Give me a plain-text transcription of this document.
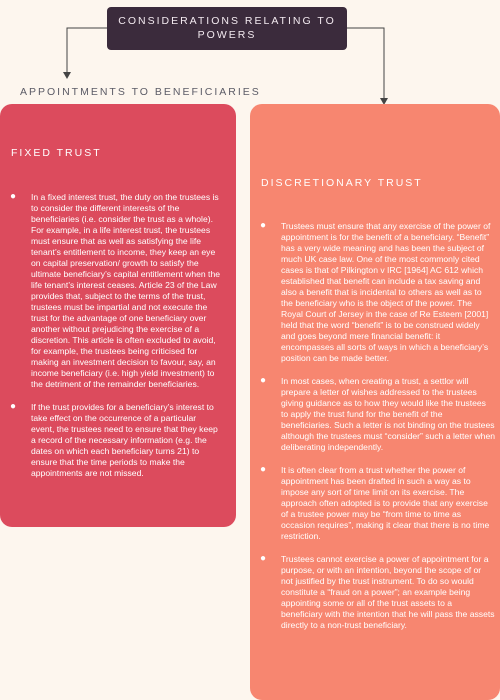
CONSIDERATIONS RELATING TO POWERS
APPOINTMENTS TO BENEFICIARIES
FIXED TRUST
● In a fixed interest trust, the duty on the trustees is to consider the different interests of the beneficiaries (i.e. consider the trust as a whole). For example, in a life interest trust, the trustees must ensure that as well as satisfying the life tenant’s entitlement to income, they keep an eye on capital preservation/ growth to satisfy the ultimate beneficiary’s capital entitlement when the life tenant’s interest ceases. Article 23 of the Law provides that, subject to the terms of the trust, trustees must be impartial and not execute the trust for the advantage of one beneficiary over another without prejudicing the exercise of a discretion. This article is often excluded to avoid, for example, the trustees being criticised for making an investment decision to favour, say, an income beneficiary (i.e. high yield investment) to the detriment of the remainder beneficiaries.
● If the trust provides for a beneficiary’s interest to take effect on the occurrence of a particular event, the trustees need to ensure that they keep a record of the necessary information (e.g. the dates on which each beneficiary turns 21) to ensure that the time periods to make the appointments are not missed.
DISCRETIONARY TRUST
● Trustees must ensure that any exercise of the power of appointment is for the benefit of a beneficiary. “Benefit” has a very wide meaning and has been the subject of much UK case law. One of the most commonly cited cases is that of Pilkington v IRC [1964] AC 612 which established that benefit can include a tax saving and also a benefit that is incidental to others as well as to the beneficiary who is the object of the power. The Royal Court of Jersey in the case of Re Esteem [2001] held that the word “benefit” is to be construed widely and goes beyond mere financial benefit: it encompasses all sorts of ways in which a beneficiary’s position can be made better.
● In most cases, when creating a trust, a settlor will prepare a letter of wishes addressed to the trustees giving guidance as to how they would like the trustees to apply the trust fund for the benefit of the beneficiaries. Such a letter is not binding on the trustees although the trustees must “consider” such a letter when deliberating independently.
● It is often clear from a trust whether the power of appointment has been drafted in such a way as to impose any sort of time limit on its exercise. The approach often adopted is to provide that any exercise of a trustee power may be “from time to time as occasion requires”, making it clear that there is no time restriction.
● Trustees cannot exercise a power of appointment for a purpose, or with an intention, beyond the scope of or not justified by the trust instrument. To do so would constitute a “fraud on a power”; an example being appointing some or all of the trust assets to a beneficiary with the intention that he will pass the assets directly to a non-trust beneficiary.
